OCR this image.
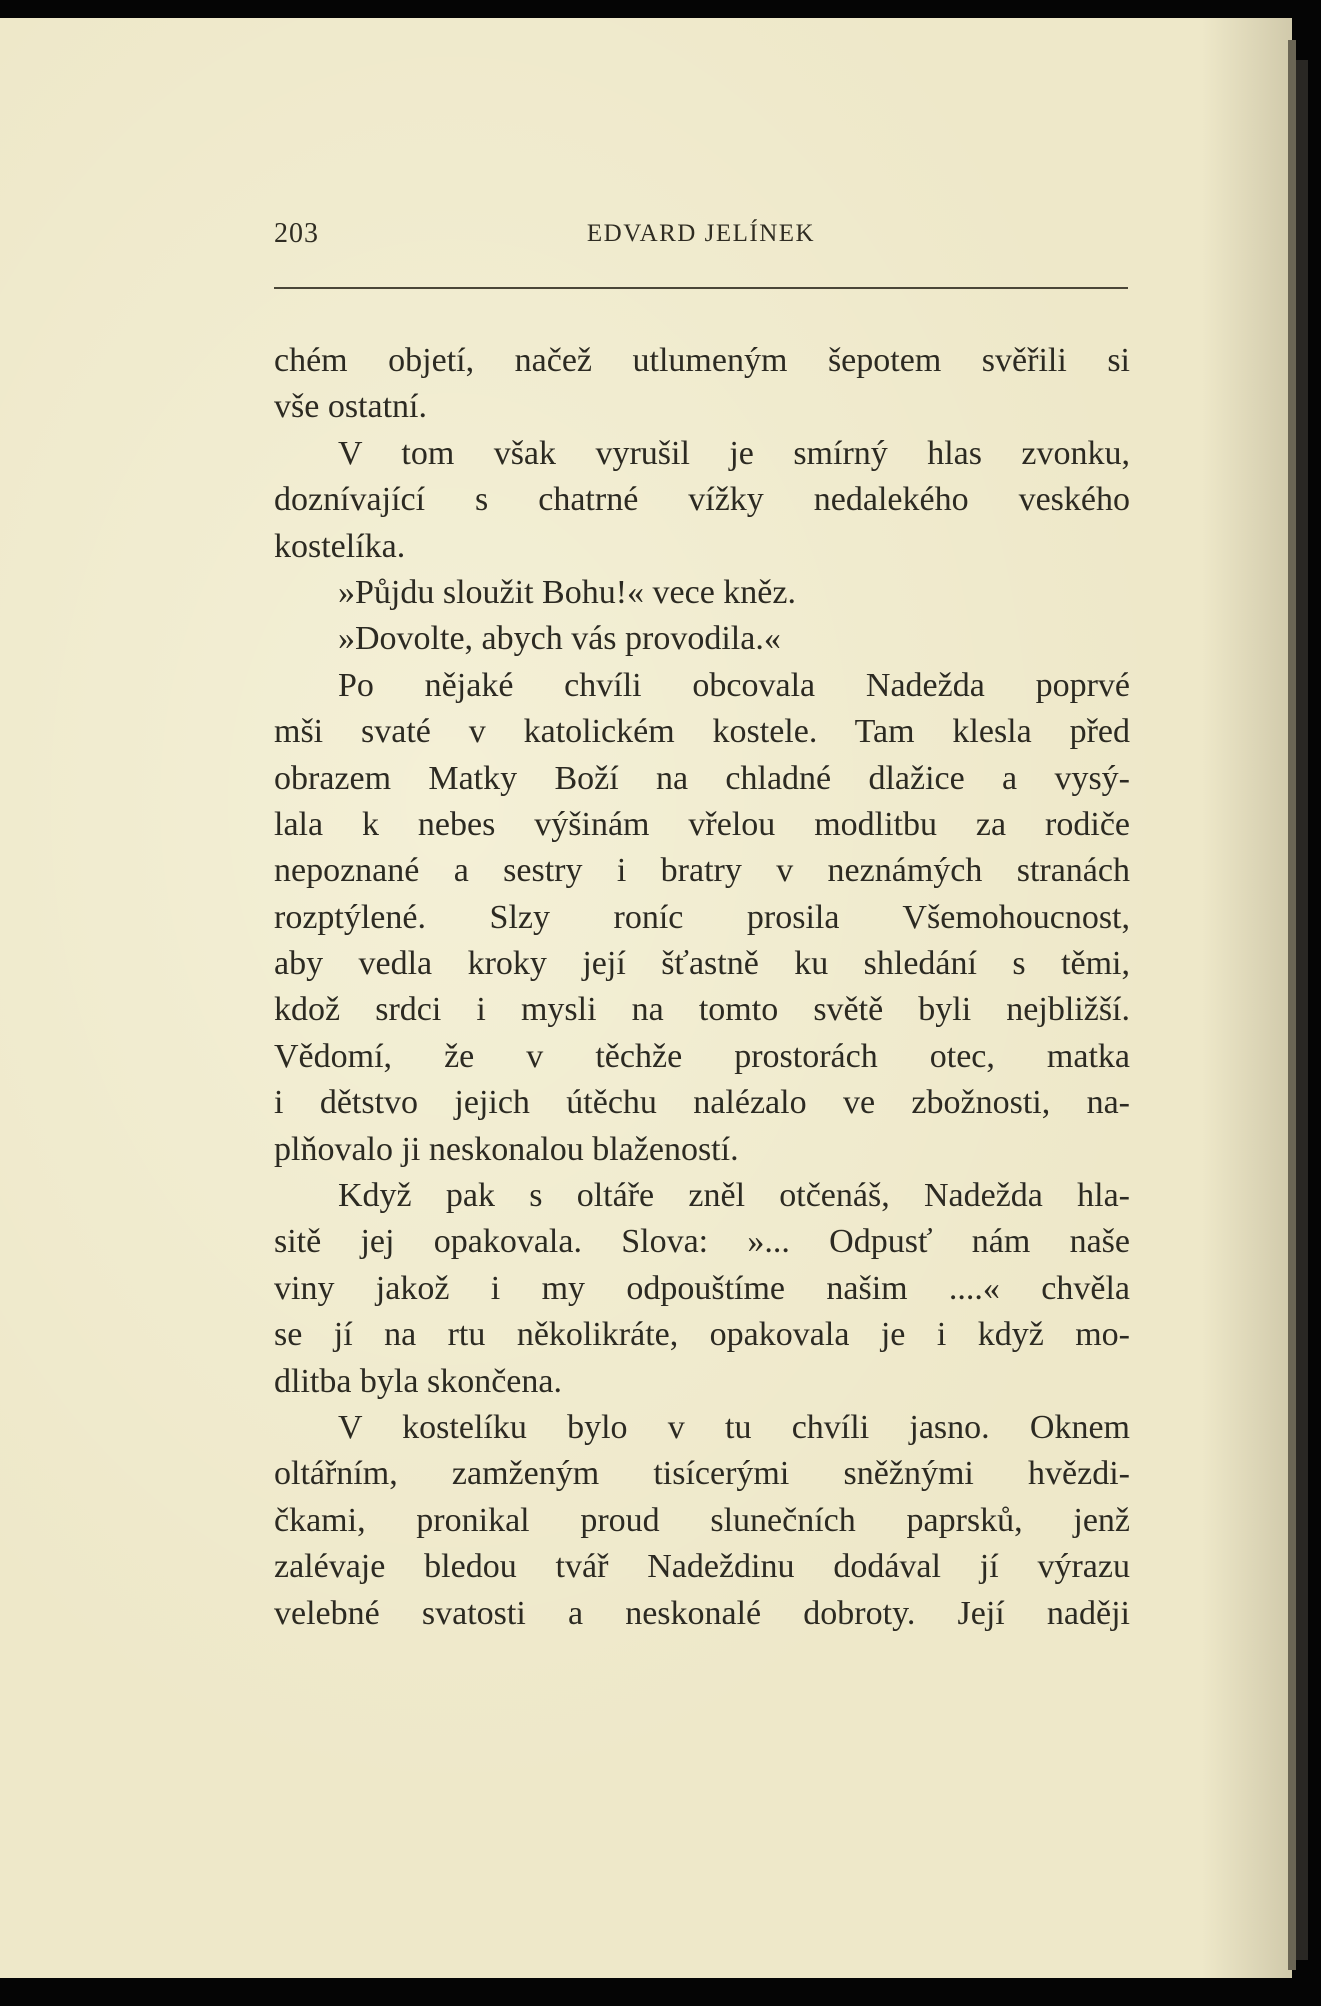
203	EDVARD JELÍNEK
chém objetí, načež utlumeným šepotem svěřili si
vše ostatní.
V tom však vyrušil je smírný hlas zvonku,
doznívající s chatrné vížky nedalekého veského
kostelíka.
»Půjdu sloužit Bohu!« vece kněz.
»Dovolte, abych vás provodila.«
Po nějaké chvíli obcovala Nadežda poprvé
mši svaté v katolickém kostele. Tam klesla před
obrazem Matky Boží na chladné dlažice a vysý-
lala k nebes výšinám vřelou modlitbu za rodiče
nepoznané a sestry i bratry v neznámých stranách
rozptýlené. Slzy roníc prosila Všemohoucnost,
aby vedla kroky její šťastně ku shledání s těmi,
kdož srdci i mysli na tomto světě byli nejbližší.
Vědomí, že v těchže prostorách otec, matka
i dětstvo jejich útěchu nalézalo ve zbožnosti, na-
plňovalo ji neskonalou blažeností.
Když pak s oltáře zněl otčenáš, Nadežda hla-
sitě jej opakovala. Slova: »... Odpusť nám naše
viny jakož i my odpouštíme našim ....« chvěla
se jí na rtu několikráte, opakovala je i když mo-
dlitba byla skončena.
V kostelíku bylo v tu chvíli jasno. Oknem
oltářním, zamženým tisícerými sněžnými hvězdi-
čkami, pronikal proud slunečních paprsků, jenž
zalévaje bledou tvář Nadeždinu dodával jí výrazu
velebné svatosti a neskonalé dobroty. Její naději
